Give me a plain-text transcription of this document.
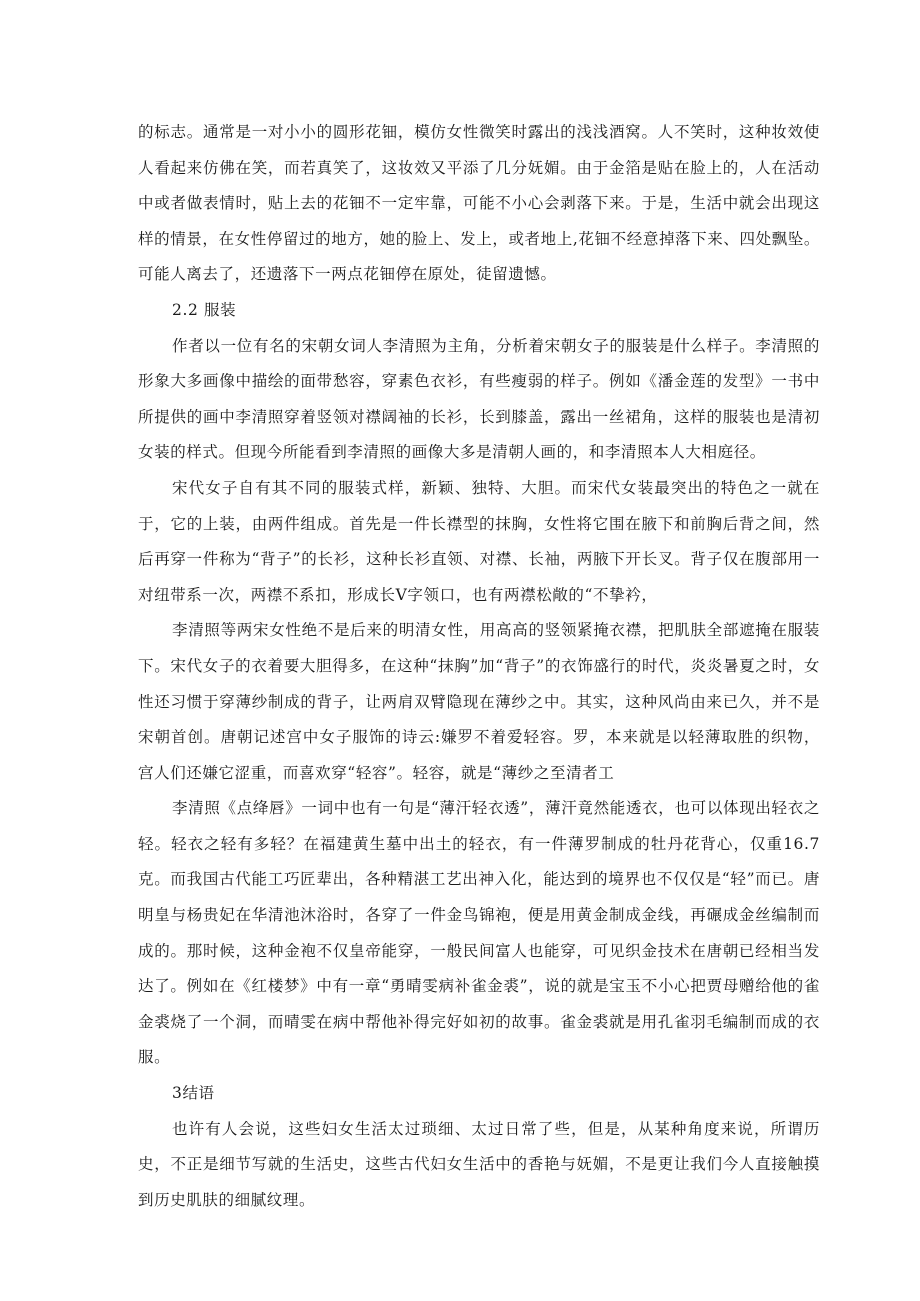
的标志。通常是一对小小的圆形花钿，模仿女性微笑时露出的浅浅酒窝。人不笑时，这种妆效使人看起来仿佛在笑，而若真笑了，这妆效又平添了几分妩媚。由于金箔是贴在脸上的，人在活动中或者做表情时，贴上去的花钿不一定牢靠，可能不小心会剥落下来。于是，生活中就会出现这样的情景，在女性停留过的地方，她的脸上、发上，或者地上,花钿不经意掉落下来、四处飘坠。可能人离去了，还遗落下一两点花钿停在原处，徒留遗憾。

2.2 服装

作者以一位有名的宋朝女词人李清照为主角，分析着宋朝女子的服装是什么样子。李清照的形象大多画像中描绘的面带愁容，穿素色衣衫，有些瘦弱的样子。例如《潘金莲的发型》一书中所提供的画中李清照穿着竖领对襟阔袖的长衫，长到膝盖，露出一丝裙角，这样的服装也是清初女装的样式。但现今所能看到李清照的画像大多是清朝人画的，和李清照本人大相庭径。

宋代女子自有其不同的服装式样，新颖、独特、大胆。而宋代女装最突出的特色之一就在于，它的上装，由两件组成。首先是一件长襟型的抹胸，女性将它围在腋下和前胸后背之间，然后再穿一件称为“背子”的长衫，这种长衫直领、对襟、长袖，两腋下开长叉。背子仅在腹部用一对纽带系一次，两襟不系扣，形成长V字领口，也有两襟松敞的“不挚衿，

李清照等两宋女性绝不是后来的明清女性，用高高的竖领紧掩衣襟，把肌肤全部遮掩在服装下。宋代女子的衣着要大胆得多，在这种“抹胸”加“背子”的衣饰盛行的时代，炎炎暑夏之时，女性还习惯于穿薄纱制成的背子，让两肩双臂隐现在薄纱之中。其实，这种风尚由来已久，并不是宋朝首创。唐朝记述宫中女子服饰的诗云:嫌罗不着爱轻容。罗，本来就是以轻薄取胜的织物，宫人们还嫌它涩重，而喜欢穿“轻容”。轻容，就是“薄纱之至清者工

李清照《点绛唇》一词中也有一句是“薄汗轻衣透”，薄汗竟然能透衣，也可以体现出轻衣之轻。轻衣之轻有多轻？在福建黄生墓中出土的轻衣，有一件薄罗制成的牡丹花背心，仅重16.7克。而我国古代能工巧匠辈出，各种精湛工艺出神入化，能达到的境界也不仅仅是“轻”而已。唐明皇与杨贵妃在华清池沐浴时，各穿了一件金鸟锦袍，便是用黄金制成金线，再碾成金丝编制而成的。那时候，这种金袍不仅皇帝能穿，一般民间富人也能穿，可见织金技术在唐朝已经相当发达了。例如在《红楼梦》中有一章“勇晴雯病补雀金裘”，说的就是宝玉不小心把贾母赠给他的雀金裘烧了一个洞，而晴雯在病中帮他补得完好如初的故事。雀金裘就是用孔雀羽毛编制而成的衣服。

3结语

也许有人会说，这些妇女生活太过琐细、太过日常了些，但是，从某种角度来说，所谓历史，不正是细节写就的生活史，这些古代妇女生活中的香艳与妩媚，不是更让我们今人直接触摸到历史肌肤的细腻纹理。
